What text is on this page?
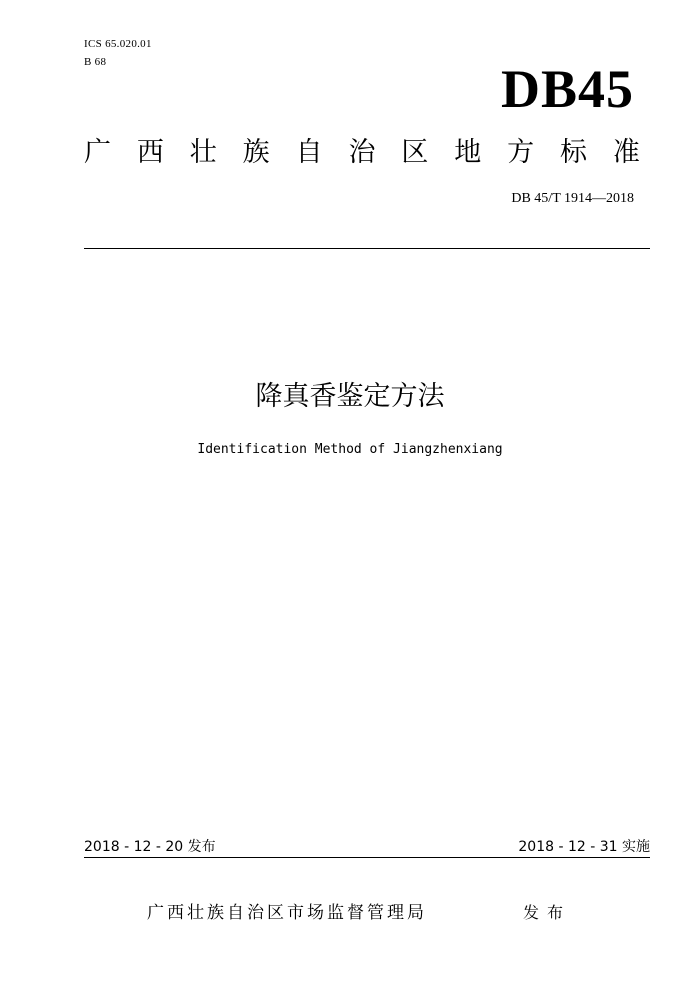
ICS 65.020.01
B 68	DB45
广 西 壮 族 自 治 区 地 方 标 准
DB 45/T 1914—2018
降真香鉴定方法
Identification Method of Jiangzhenxiang
2018 - 12 - 20 发布	2018 - 12 - 31 实施
广西壮族自治区市场监督管理局	发布
